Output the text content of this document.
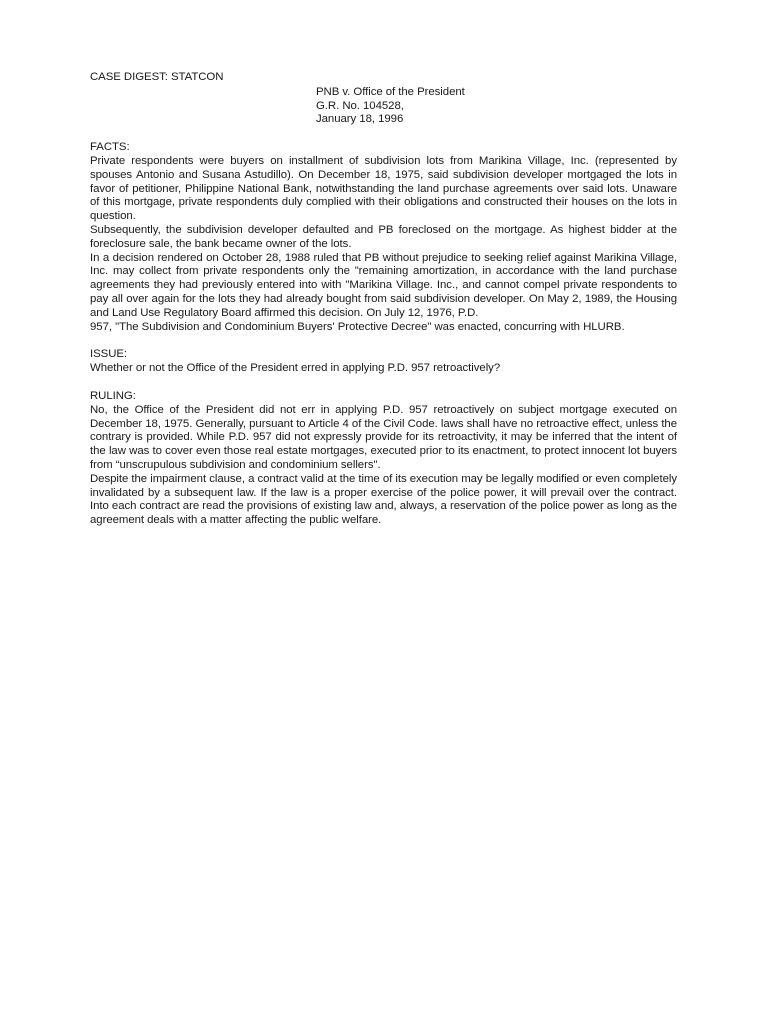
CASE DIGEST: STATCON
PNB v. Office of the President
G.R. No. 104528,
January 18, 1996
FACTS:

Private respondents were buyers on installment of subdivision lots from Marikina Village, Inc. (represented by spouses Antonio and Susana Astudillo). On December 18, 1975, said subdivision developer mortgaged the lots in favor of petitioner, Philippine National Bank, notwithstanding the land purchase agreements over said lots. Unaware of this mortgage, private respondents duly complied with their obligations and constructed their houses on the lots in question.

Subsequently, the subdivision developer defaulted and PB foreclosed on the mortgage. As highest bidder at the foreclosure sale, the bank became owner of the lots.

In a decision rendered on October 28, 1988 ruled that PB without prejudice to seeking relief against Marikina Village, Inc. may collect from private respondents only the "remaining amortization, in accordance with the land purchase agreements they had previously entered into with "Marikina Village. Inc., and cannot compel private respondents to pay all over again for the lots they had already bought from said subdivision developer. On May 2, 1989, the Housing and Land Use Regulatory Board affirmed this decision. On July 12, 1976, P.D.

957, "The Subdivision and Condominium Buyers' Protective Decree" was enacted, concurring with HLURB.

ISSUE:

Whether or not the Office of the President erred in applying P.D. 957 retroactively?

RULING:

No, the Office of the President did not err in applying P.D. 957 retroactively on subject mortgage executed on December 18, 1975. Generally, pursuant to Article 4 of the Civil Code. laws shall have no retroactive effect, unless the contrary is provided. While P.D. 957 did not expressly provide for its retroactivity, it may be inferred that the intent of the law was to cover even those real estate mortgages, executed prior to its enactment, to protect innocent lot buyers from “unscrupulous subdivision and condominium sellers".

Despite the impairment clause, a contract valid at the time of its execution may be legally modified or even completely invalidated by a subsequent law. If the law is a proper exercise of the police power, it will prevail over the contract. Into each contract are read the provisions of existing law and, always, a reservation of the police power as long as the agreement deals with a matter affecting the public welfare.
